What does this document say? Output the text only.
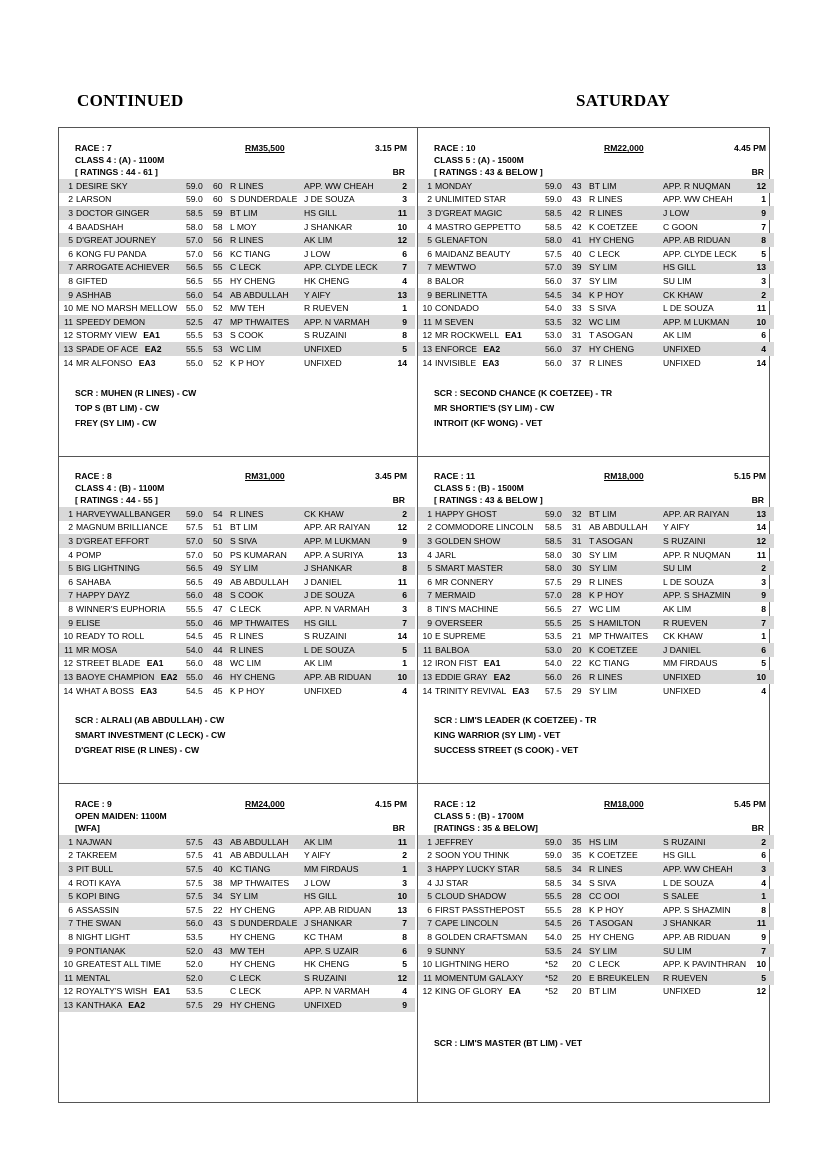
CONTINUED	SATURDAY
RACE : 7	RM35,500	3.15 PM
CLASS 4 : (A) - 1100M
[ RATINGS : 44 - 61 ]	BR
1	DESIRE SKY	59.0	60	R LINES	APP. WW CHEAH	2
2	LARSON	59.0	60	S DUNDERDALE	J DE SOUZA	3
3	DOCTOR GINGER	58.5	59	BT LIM	HS GILL	11
4	BAADSHAH	58.0	58	L MOY	J SHANKAR	10
5	D'GREAT JOURNEY	57.0	56	R LINES	AK LIM	12
6	KONG FU PANDA	57.0	56	KC TIANG	J LOW	6
7	ARROGATE ACHIEVER	56.5	55	C LECK	APP. CLYDE LECK	7
8	GIFTED	56.5	55	HY CHENG	HK CHENG	4
9	ASHHAB	56.0	54	AB ABDULLAH	Y AIFY	13
10	ME NO MARSH MELLOW	55.0	52	MW TEH	R RUEVEN	1
11	SPEEDY DEMON	52.5	47	MP THWAITES	APP. N VARMAH	9
12	STORMY VIEW EA1	55.5	53	S COOK	S RUZAINI	8
13	SPADE OF ACE EA2	55.5	53	WC LIM	UNFIXED	5
14	MR ALFONSO EA3	55.0	52	K P HOY	UNFIXED	14
SCR : MUHEN (R LINES) - CW
TOP S (BT LIM) - CW
FREY (SY LIM) - CW
RACE : 10	RM22,000	4.45 PM
CLASS 5 : (A) - 1500M
[ RATINGS : 43 & BELOW ]	BR
1	MONDAY	59.0	43	BT LIM	APP. R NUQMAN	12
2	UNLIMITED STAR	59.0	43	R LINES	APP. WW CHEAH	1
3	D'GREAT MAGIC	58.5	42	R LINES	J LOW	9
4	MASTRO GEPPETTO	58.5	42	K COETZEE	C GOON	7
5	GLENAFTON	58.0	41	HY CHENG	APP. AB RIDUAN	8
6	MAIDANZ BEAUTY	57.5	40	C LECK	APP. CLYDE LECK	5
7	MEWTWO	57.0	39	SY LIM	HS GILL	13
8	BALOR	56.0	37	SY LIM	SU LIM	3
9	BERLINETTA	54.5	34	K P HOY	CK KHAW	2
10	CONDADO	54.0	33	S SIVA	L DE SOUZA	11
11	M SEVEN	53.5	32	WC LIM	APP. M LUKMAN	10
12	MR ROCKWELL EA1	53.0	31	T ASOGAN	AK LIM	6
13	ENFORCE EA2	56.0	37	HY CHENG	UNFIXED	4
14	INVISIBLE EA3	56.0	37	R LINES	UNFIXED	14
SCR : SECOND CHANCE (K COETZEE) - TR
MR SHORTIE'S (SY LIM) - CW
INTROIT (KF WONG) - VET
RACE : 8	RM31,000	3.45 PM
CLASS 4 : (B) - 1100M
[ RATINGS : 44 - 55 ]	BR
1	HARVEYWALLBANGER	59.0	54	R LINES	CK KHAW	2
2	MAGNUM BRILLIANCE	57.5	51	BT LIM	APP. AR RAIYAN	12
3	D'GREAT EFFORT	57.0	50	S SIVA	APP. M LUKMAN	9
4	POMP	57.0	50	PS KUMARAN	APP. A SURIYA	13
5	BIG LIGHTNING	56.5	49	SY LIM	J SHANKAR	8
6	SAHABA	56.5	49	AB ABDULLAH	J DANIEL	11
7	HAPPY DAYZ	56.0	48	S COOK	J DE SOUZA	6
8	WINNER'S EUPHORIA	55.5	47	C LECK	APP. N VARMAH	3
9	ELISE	55.0	46	MP THWAITES	HS GILL	7
10	READY TO ROLL	54.5	45	R LINES	S RUZAINI	14
11	MR MOSA	54.0	44	R LINES	L DE SOUZA	5
12	STREET BLADE EA1	56.0	48	WC LIM	AK LIM	1
13	BAOYE CHAMPION EA2	55.0	46	HY CHENG	APP. AB RIDUAN	10
14	WHAT A BOSS EA3	54.5	45	K P HOY	UNFIXED	4
SCR : ALRALI (AB ABDULLAH) - CW
SMART INVESTMENT (C LECK) - CW
D'GREAT RISE (R LINES) - CW
RACE : 11	RM18,000	5.15 PM
CLASS 5 : (B) - 1500M
[ RATINGS : 43 & BELOW ]	BR
1	HAPPY GHOST	59.0	32	BT LIM	APP. AR RAIYAN	13
2	COMMODORE LINCOLN	58.5	31	AB ABDULLAH	Y AIFY	14
3	GOLDEN SHOW	58.5	31	T ASOGAN	S RUZAINI	12
4	JARL	58.0	30	SY LIM	APP. R NUQMAN	11
5	SMART MASTER	58.0	30	SY LIM	SU LIM	2
6	MR CONNERY	57.5	29	R LINES	L DE SOUZA	3
7	MERMAID	57.0	28	K P HOY	APP. S SHAZMIN	9
8	TIN'S MACHINE	56.5	27	WC LIM	AK LIM	8
9	OVERSEER	55.5	25	S HAMILTON	R RUEVEN	7
10	E SUPREME	53.5	21	MP THWAITES	CK KHAW	1
11	BALBOA	53.0	20	K COETZEE	J DANIEL	6
12	IRON FIST EA1	54.0	22	KC TIANG	MM FIRDAUS	5
13	EDDIE GRAY EA2	56.0	26	R LINES	UNFIXED	10
14	TRINITY REVIVAL EA3	57.5	29	SY LIM	UNFIXED	4
SCR : LIM'S LEADER (K COETZEE) - TR
KING WARRIOR (SY LIM) - VET
SUCCESS STREET (S COOK) - VET
RACE : 9	RM24,000	4.15 PM
OPEN MAIDEN: 1100M
[WFA]	BR
1	NAJWAN	57.5	43	AB ABDULLAH	AK LIM	11
2	TAKREEM	57.5	41	AB ABDULLAH	Y AIFY	2
3	PIT BULL	57.5	40	KC TIANG	MM FIRDAUS	1
4	ROTI KAYA	57.5	38	MP THWAITES	J LOW	3
5	KOPI BING	57.5	34	SY LIM	HS GILL	10
6	ASSASSIN	57.5	22	HY CHENG	APP. AB RIDUAN	13
7	THE SWAN	56.0	43	S DUNDERDALE	J SHANKAR	7
8	NIGHT LIGHT	53.5		HY CHENG	KC THAM	8
9	PONTIANAK	52.0	43	MW TEH	APP. S UZAIR	6
10	GREATEST ALL TIME	52.0		HY CHENG	HK CHENG	5
11	MENTAL	52.0		C LECK	S RUZAINI	12
12	ROYALTY'S WISH EA1	53.5		C LECK	APP. N VARMAH	4
13	KANTHAKA EA2	57.5	29	HY CHENG	UNFIXED	9
RACE : 12	RM18,000	5.45 PM
CLASS 5 : (B) - 1700M
[RATINGS : 35 & BELOW]	BR
1	JEFFREY	59.0	35	HS LIM	S RUZAINI	2
2	SOON YOU THINK	59.0	35	K COETZEE	HS GILL	6
3	HAPPY LUCKY STAR	58.5	34	R LINES	APP. WW CHEAH	3
4	JJ STAR	58.5	34	S SIVA	L DE SOUZA	4
5	CLOUD SHADOW	55.5	28	CC OOI	S SALEE	1
6	FIRST PASSTHEPOST	55.5	28	K P HOY	APP. S SHAZMIN	8
7	CAPE LINCOLN	54.5	26	T ASOGAN	J SHANKAR	11
8	GOLDEN CRAFTSMAN	54.0	25	HY CHENG	APP. AB RIDUAN	9
9	SUNNY	53.5	24	SY LIM	SU LIM	7
10	LIGHTNING HERO	*52	20	C LECK	APP. K PAVINTHRAN	10
11	MOMENTUM GALAXY	*52	20	E BREUKELEN	R RUEVEN	5
12	KING OF GLORY EA	*52	20	BT LIM	UNFIXED	12
SCR : LIM'S MASTER (BT LIM) - VET
